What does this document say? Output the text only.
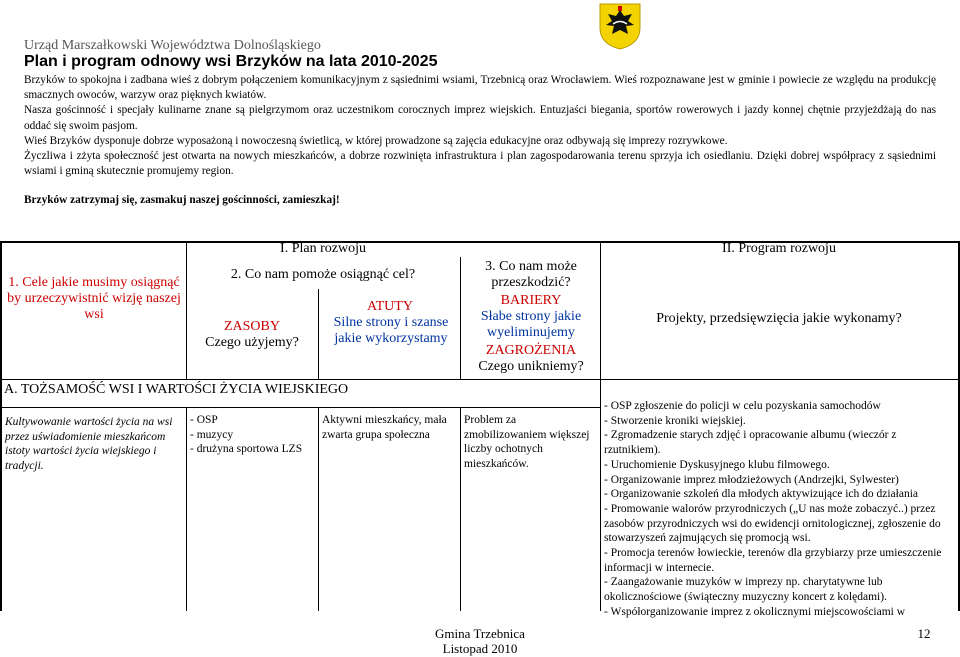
Urząd Marszałkowski Województwa Dolnośląskiego
Plan i program odnowy wsi Brzyków na lata 2010-2025

Brzyków to spokojna i zadbana wieś z dobrym połączeniem komunikacyjnym z sąsiednimi wsiami, Trzebnicą oraz Wrocławiem. Wieś rozpoznawane jest w gminie i powiecie ze względu na produkcję smacznych owoców, warzyw oraz pięknych kwiatów.

Nasza gościnność i specjały kulinarne znane są pielgrzymom oraz uczestnikom corocznych imprez wiejskich. Entuzjaści biegania, sportów rowerowych i jazdy konnej chętnie przyjeżdżają do nas oddać się swoim pasjom.

Wieś Brzyków dysponuje dobrze wyposażoną i nowoczesną świetlicą, w której prowadzone są zajęcia edukacyjne oraz odbywają się imprezy rozrywkowe.

Życzliwa i zżyta społeczność jest otwarta na nowych mieszkańców, a dobrze rozwinięta infrastruktura i plan zagospodarowania terenu sprzyja ich osiedlaniu. Dzięki dobrej współpracy z sąsiednimi wsiami i gminą skutecznie promujemy region.

Brzyków zatrzymaj się, zasmakuj naszej gościnności, zamieszkaj!

I. Plan rozwoju	II. Program rozwoju
1. Cele jakie musimy osiągnąć by urzeczywistnić wizję naszej wsi
2. Co nam pomoże osiągnąć cel?
ZASOBY
Czego użyjemy?
ATUTY
Silne strony i szanse jakie wykorzystamy
3. Co nam może przeszkodzić?
BARIERY
Słabe strony jakie wyeliminujemy
ZAGROŻENIA
Czego unikniemy?
Projekty, przedsięwzięcia jakie wykonamy?
A. TOŻSAMOŚĆ WSI I WARTOŚCI ŻYCIA WIEJSKIEGO
Kultywowanie wartości życia na wsi przez uświadomienie mieszkańcom istoty wartości życia wiejskiego i tradycji.
- OSP
- muzycy
- drużyna sportowa LZS
Aktywni mieszkańcy, mała zwarta grupa społeczna
Problem za zmobilizowaniem większej liczby ochotnych mieszkańców.
- OSP zgłoszenie do policji w celu pozyskania samochodów
- Stworzenie kroniki wiejskiej.
- Zgromadzenie starych zdjęć i opracowanie albumu (wieczór z rzutnikiem).
- Uruchomienie Dyskusyjnego klubu filmowego.
- Organizowanie imprez młodzieżowych (Andrzejki, Sylwester)
- Organizowanie szkoleń dla młodych aktywizujące ich do działania
- Promowanie walorów przyrodniczych („U nas może zobaczyć..) przez zasobów przyrodniczych wsi do ewidencji ornitologicznej, zgłoszenie do stowarzyszeń zajmujących się promocją wsi.
- Promocja terenów łowieckie, terenów dla grzybiarzy prze umieszczenie informacji w internecie.
- Zaangażowanie muzyków w imprezy np. charytatywne lub okolicznościowe (świąteczny muzyczny koncert z kolędami).
- Współorganizowanie imprez z okolicznymi miejscowościami w
Gmina Trzebnica
Listopad 2010
12
